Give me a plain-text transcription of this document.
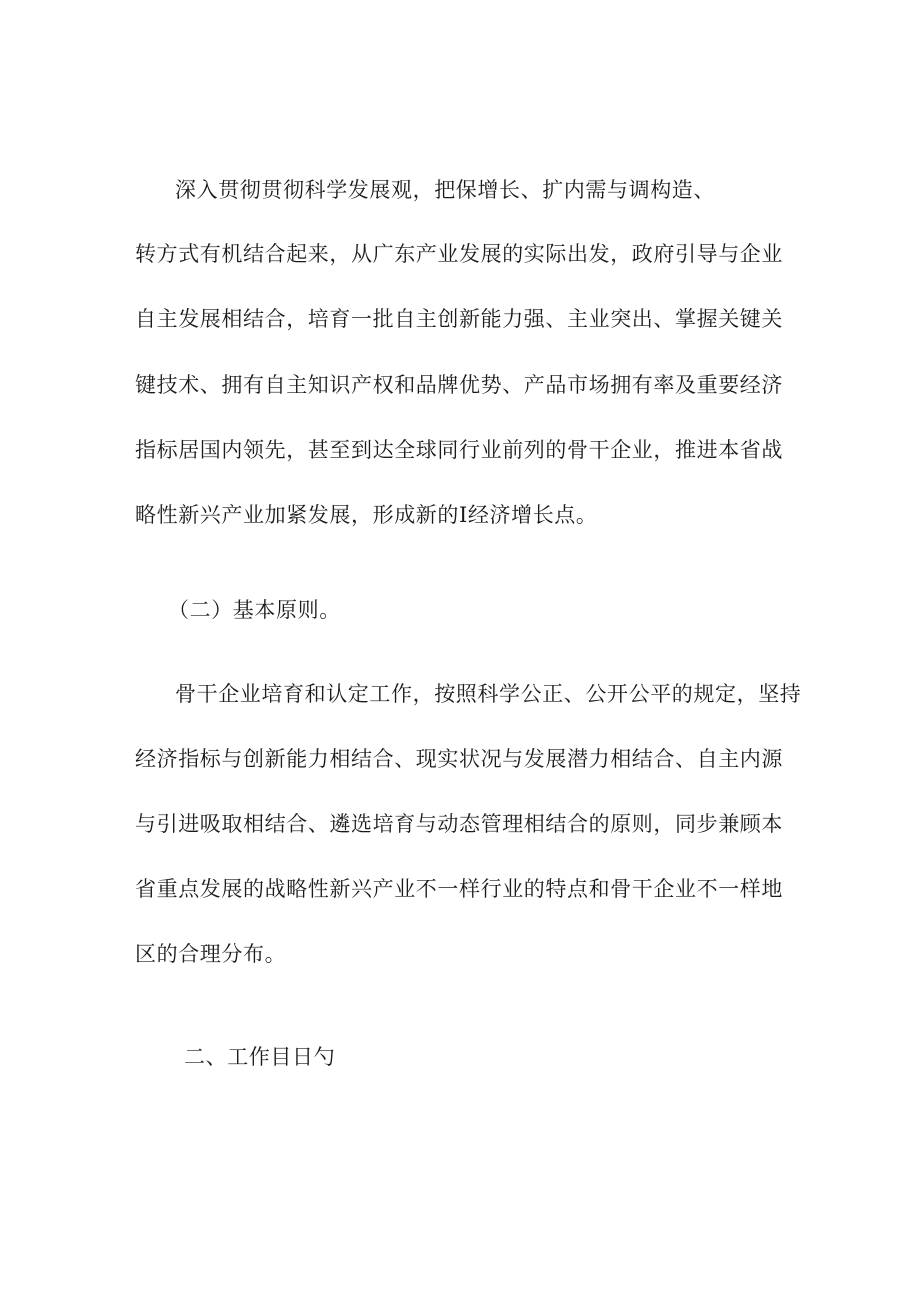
深入贯彻贯彻科学发展观，把保增长、扩内需与调构造、
转方式有机结合起来，从广东产业发展的实际出发，政府引导与企业
自主发展相结合，培育一批自主创新能力强、主业突出、掌握关键关
键技术、拥有自主知识产权和品牌优势、产品市场拥有率及重要经济
指标居国内领先，甚至到达全球同行业前列的骨干企业，推进本省战
略性新兴产业加紧发展，形成新的Ⅰ经济增长点。
（二）基本原则。
骨干企业培育和认定工作，按照科学公正、公开公平的规定，坚持
经济指标与创新能力相结合、现实状况与发展潜力相结合、自主内源
与引进吸取相结合、遴选培育与动态管理相结合的原则，同步兼顾本
省重点发展的战略性新兴产业不一样行业的特点和骨干企业不一样地
区的合理分布。
二、工作目日勺
